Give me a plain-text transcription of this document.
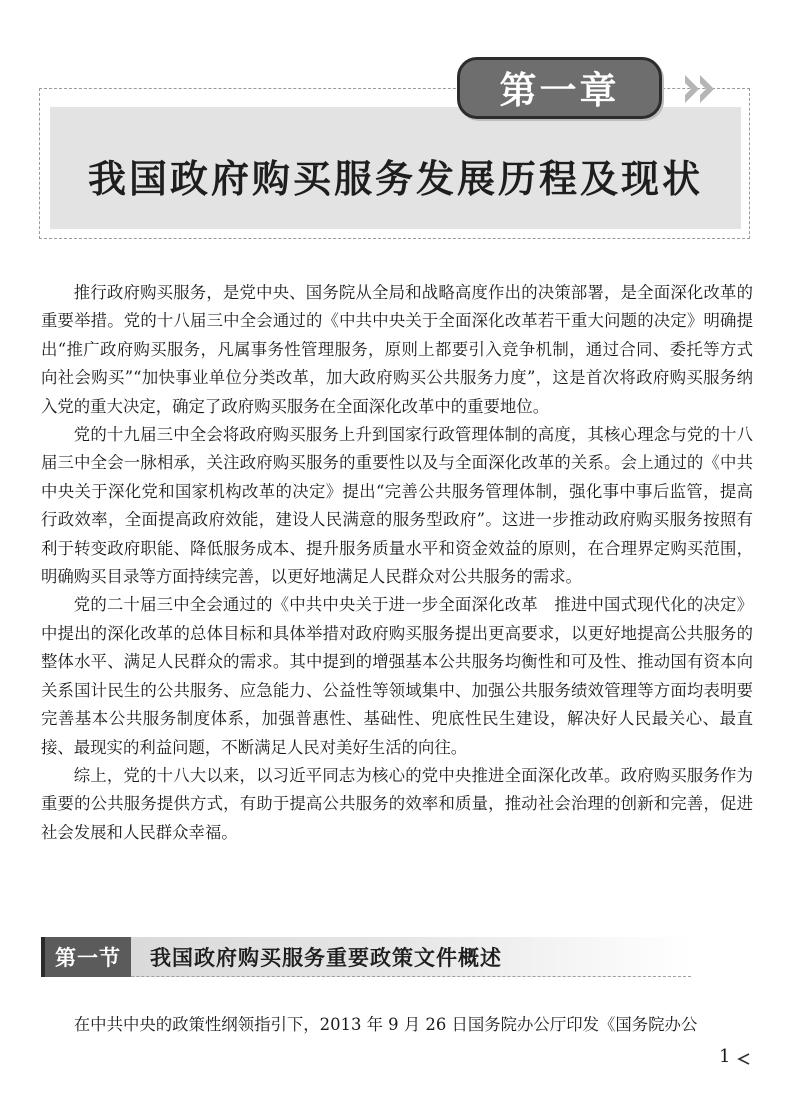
第一章
我国政府购买服务发展历程及现状

推行政府购买服务，是党中央、国务院从全局和战略高度作出的决策部署，是全面深化改革的重要举措。党的十八届三中全会通过的《中共中央关于全面深化改革若干重大问题的决定》明确提出“推广政府购买服务，凡属事务性管理服务，原则上都要引入竞争机制，通过合同、委托等方式向社会购买”“加快事业单位分类改革，加大政府购买公共服务力度”，这是首次将政府购买服务纳入党的重大决定，确定了政府购买服务在全面深化改革中的重要地位。

党的十九届三中全会将政府购买服务上升到国家行政管理体制的高度，其核心理念与党的十八届三中全会一脉相承，关注政府购买服务的重要性以及与全面深化改革的关系。会上通过的《中共中央关于深化党和国家机构改革的决定》提出“完善公共服务管理体制，强化事中事后监管，提高行政效率，全面提高政府效能，建设人民满意的服务型政府”。这进一步推动政府购买服务按照有利于转变政府职能、降低服务成本、提升服务质量水平和资金效益的原则，在合理界定购买范围，明确购买目录等方面持续完善，以更好地满足人民群众对公共服务的需求。

党的二十届三中全会通过的《中共中央关于进一步全面深化改革　推进中国式现代化的决定》中提出的深化改革的总体目标和具体举措对政府购买服务提出更高要求，以更好地提高公共服务的整体水平、满足人民群众的需求。其中提到的增强基本公共服务均衡性和可及性、推动国有资本向关系国计民生的公共服务、应急能力、公益性等领域集中、加强公共服务绩效管理等方面均表明要完善基本公共服务制度体系，加强普惠性、基础性、兜底性民生建设，解决好人民最关心、最直接、最现实的利益问题，不断满足人民对美好生活的向往。

综上，党的十八大以来，以习近平同志为核心的党中央推进全面深化改革。政府购买服务作为重要的公共服务提供方式，有助于提高公共服务的效率和质量，推动社会治理的创新和完善，促进社会发展和人民群众幸福。

第一节 我国政府购买服务重要政策文件概述
在中共中央的政策性纲领指引下，2013 年 9 月 26 日国务院办公厅印发《国务院办公
1
